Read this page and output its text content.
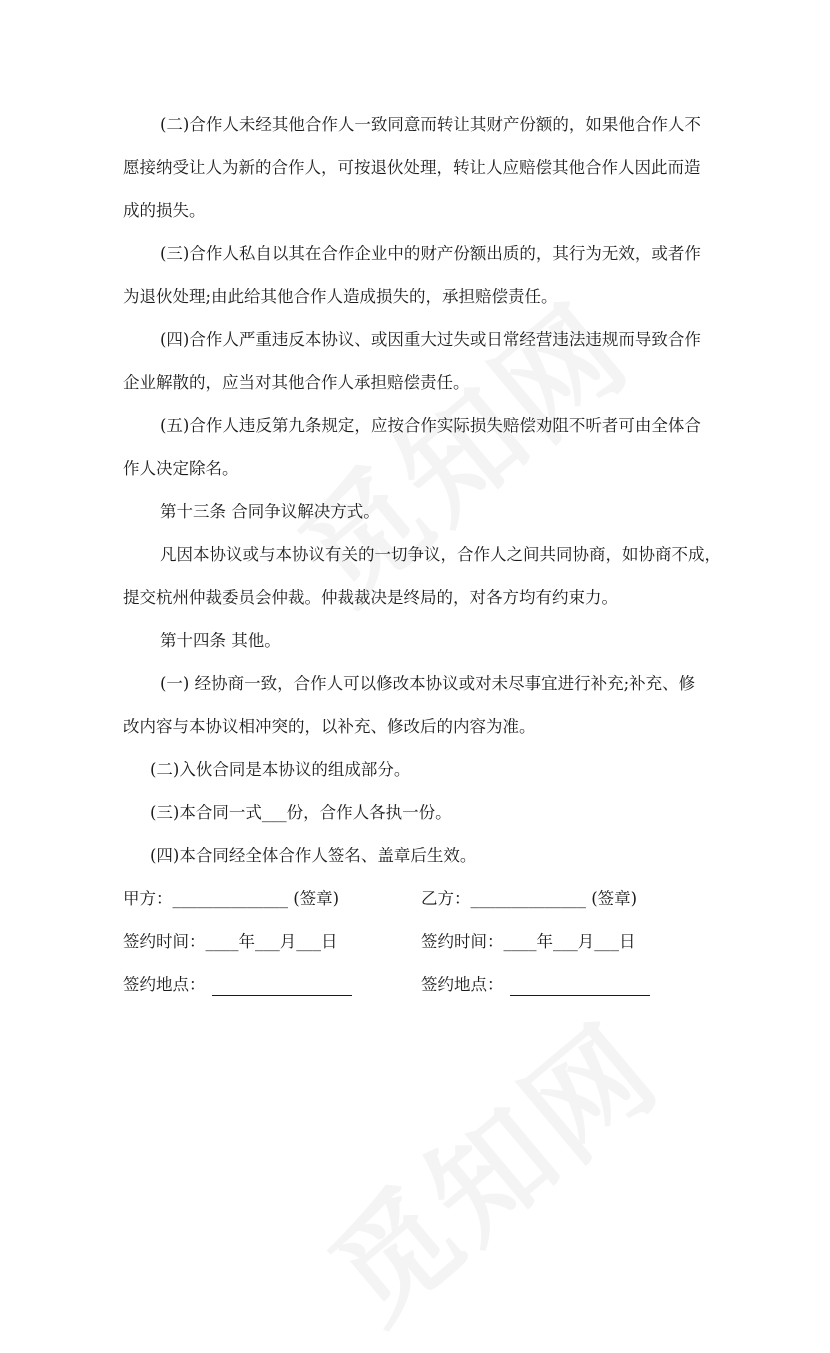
(二)合作人未经其他合作人一致同意而转让其财产份额的，如果他合作人不
愿接纳受让人为新的合作人，可按退伙处理，转让人应赔偿其他合作人因此而造
成的损失。
(三)合作人私自以其在合作企业中的财产份额出质的，其行为无效，或者作
为退伙处理;由此给其他合作人造成损失的，承担赔偿责任。
(四)合作人严重违反本协议、或因重大过失或日常经营违法违规而导致合作
企业解散的，应当对其他合作人承担赔偿责任。
(五)合作人违反第九条规定，应按合作实际损失赔偿劝阻不听者可由全体合
作人决定除名。
第十三条 合同争议解决方式。
凡因本协议或与本协议有关的一切争议，合作人之间共同协商，如协商不成，
提交杭州仲裁委员会仲裁。仲裁裁决是终局的，对各方均有约束力。
第十四条 其他。
(一) 经协商一致，合作人可以修改本协议或对未尽事宜进行补充;补充、修
改内容与本协议相冲突的，以补充、修改后的内容为准。
(二)入伙合同是本协议的组成部分。
(三)本合同一式___份，合作人各执一份。
(四)本合同经全体合作人签名、盖章后生效。
甲方：______________ (签章)	乙方：______________ (签章)
签约时间：____年___月___日	签约时间：____年___月___日
签约地点：	签约地点：
